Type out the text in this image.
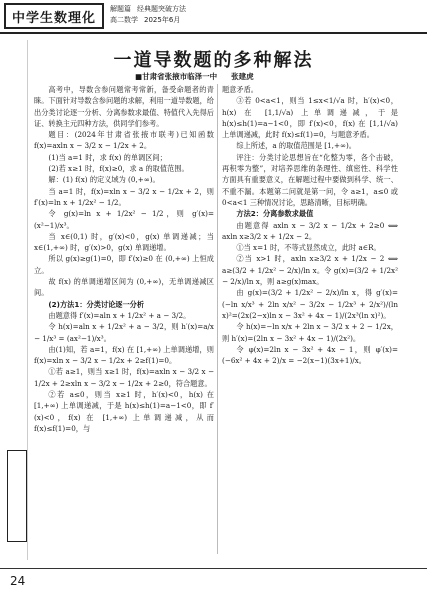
中学生数理化
解题篇 经典题突破方法
高二数学 2025年6月
一道导数题的多种解法
■甘肃省张掖市临泽一中 张建虎

高考中，导数含参问题常考常新，备受命题者的青睐。下面针对导数含参问题的求解，利用一道导数题，给出分类讨论逐一分析、分离参数求最值、特值代入先得后证、转换主元四种方法，供同学们参考。

题目：(2024年甘肃省张掖市联考)已知函数 f(x)=axln x − 3/2 x − 1/2x + 2。

(1)当 a=1 时，求 f(x) 的单调区间；

(2)若 x≥1 时，f(x)≥0，求 a 的取值范围。

解：(1) f(x) 的定义域为 (0,+∞)。

当 a=1 时，f(x)=xln x − 3/2 x − 1/2x + 2，则 f′(x)=ln x + 1/2x² − 1/2。

令 g(x)=ln x + 1/2x² − 1/2，则 g′(x)=(x²−1)/x³。

当 x∈(0,1) 时，g′(x)<0，g(x) 单调递减；当 x∈(1,+∞) 时，g′(x)>0，g(x) 单调递增。

所以 g(x)≥g(1)=0，即 f′(x)≥0 在 (0,+∞) 上恒成立。

故 f(x) 的单调递增区间为 (0,+∞)，无单调递减区间。

(2)方法1：分类讨论逐一分析

由题意得 f′(x)=aln x + 1/2x² + a − 3/2。

令 h(x)=aln x + 1/2x² + a − 3/2，则 h′(x)=a/x − 1/x³ = (ax²−1)/x³。

由(1)知，若 a=1，f(x) 在 [1,+∞) 上单调递增，则 f(x)=xln x − 3/2 x − 1/2x + 2≥f(1)=0。

①若 a≥1，则当 x≥1 时，f(x)=axln x − 3/2 x − 1/2x + 2≥xln x − 3/2 x − 1/2x + 2≥0，符合题意。

②若 a≤0，则当 x≥1 时，h′(x)<0，h(x) 在 [1,+∞) 上单调递减，于是 h(x)≤h(1)=a−1<0，即 f′(x)<0，f(x) 在 [1,+∞) 上单调递减，从而 f(x)≤f(1)=0，与

题意矛盾。

③若 0<a<1，则当 1≤x<1/√a 时，h′(x)<0，h(x) 在 [1,1/√a) 上单调递减，于是 h(x)≤h(1)=a−1<0，即 f′(x)<0，f(x) 在 [1,1/√a) 上单调递减，此时 f(x)≤f(1)=0，与题意矛盾。

综上所述，a 的取值范围是 [1,+∞)。

评注：分类讨论思想旨在“化整为零，各个击破，再积零为整”，对培养思维的条理性、缜密性、科学性方面具有重要意义，在解题过程中要做到科学、统一、不重不漏。本题第二问就是第一问，令 a≥1，a≤0 或 0<a<1 三种情况讨论，思路清晰，目标明确。

方法2：分离参数求最值

由题意得 axln x − 3/2 x − 1/2x + 2≥0 ⟺ axln x≥3/2 x + 1/2x − 2。

①当 x=1 时，不等式显然成立，此时 a∈R。

②当 x>1 时，axln x≥3/2 x + 1/2x − 2 ⟺ a≥(3/2 + 1/2x² − 2/x)/ln x。令 g(x)=(3/2 + 1/2x² − 2/x)/ln x，则 a≥g(x)max。

由 g(x)=(3/2 + 1/2x² − 2/x)/ln x，得 g′(x)=(−ln x/x³ + 2ln x/x² − 3/2x − 1/2x³ + 2/x²)/(ln x)²=(2x(2−x)ln x − 3x² + 4x − 1)/(2x³(ln x)²)。

令 h(x)=−ln x/x + 2ln x − 3/2 x + 2 − 1/2x，则 h′(x)=(2ln x − 3x² + 4x − 1)/(2x²)。

令 φ(x)=2ln x − 3x² + 4x − 1，则 φ′(x)=(−6x² + 4x + 2)/x = −2(x−1)(3x+1)/x。

24
